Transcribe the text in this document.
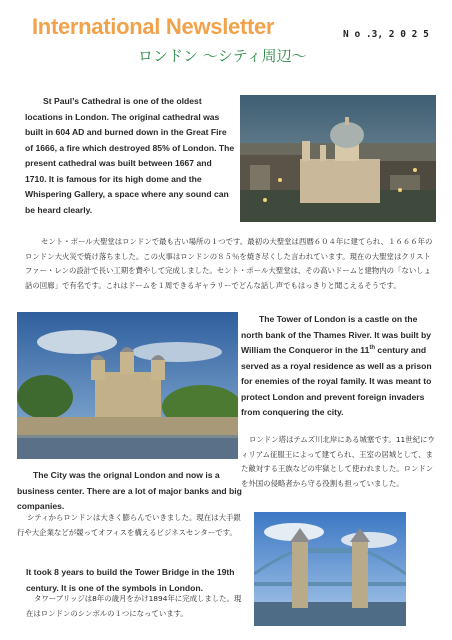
International Newsletter	N o .3, 2 0 2 5
ロンドン 〜シティ周辺〜
St Paul’s Cathedral is one of the oldest locations in London. The original cathedral was built in 604 AD and burned down in the Great Fire of 1666, a fire which destroyed 85% of London. The present cathedral was built between 1667 and 1710. It is famous for its high dome and the Whispering Gallery, a space where any sound can be heard clearly.
セント・ポール大聖堂はロンドンで最も古い場所の１つです。最初の大聖堂は西暦６０４年に建てられ、１６６６年のロンドン大火災で焼け落ちました。この火事はロンドンの８５％を焼き尽くした言われています。現在の大聖堂はクリストファー・レンの設計で長い工期を費やして完成しました。セント・ポール大聖堂は、その高いドームと建物内の「ないしょ話の回廊」で有名です。これはドームを１周できるギャラリーでどんな話し声でもはっきりと聞こえるそうです。
The Tower of London is a castle on the north bank of the Thames River. It was built by William the Conqueror in the 11th century and served as a royal residence as well as a prison for enemies of the royal family. It was meant to protect London and prevent foreign invaders from conquering the city.
ロンドン塔はテムズ川北岸にある城塞です。11世紀にウィリアム征服王によって建てられ、王室の居城として、また敵対する王族などの牢獄として使われました。ロンドンを外国の侵略者から守る役割も担っていました。
The City was the orignal London and now is a business center. There are a lot of major banks and big companies.
シティからロンドンは大きく膨らんでいきました。現在は大手銀行や大企業などが競ってオフィスを構えるビジネスセンターです。
It took 8 years to build the Tower Bridge in the 19th century. It is one of the symbols in London.
タワーブリッジは8年の歳月をかけ1894年に完成しました。現在はロンドンのシンボルの１つになっています。
